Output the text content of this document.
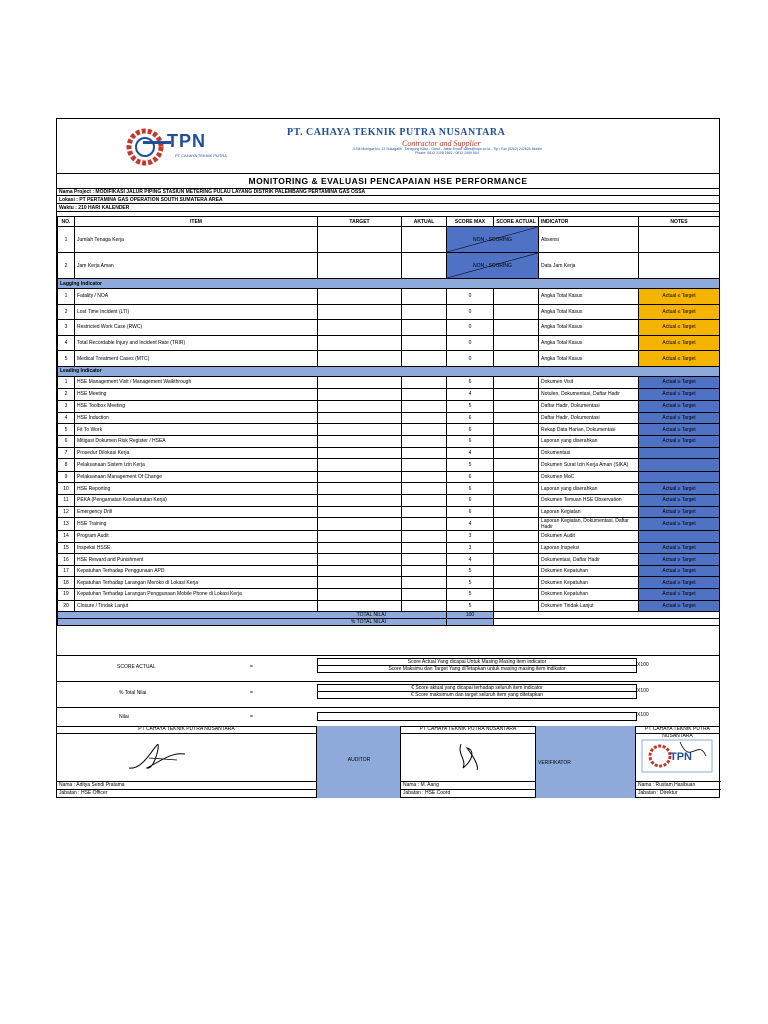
TPN
PT CAHAYA TEKNIK PUTRA
PT. CAHAYA TEKNIK PUTRA NUSANTARA
Contractor and Supplier
Jl.Siti Munigar No. 12 Sukagalih - Tarogong Kidul - Garut - Jabar Email: sales@ctpn.co.id - Tlp / Fax (0262) 242624 Mobile Phone: 0812 2108 2662 / 0812 2469 604
MONITORING & EVALUASI PENCAPAIAN HSE PERFORMANCE
Nama Project : MODIFIKASI JALUR PIPING STASIUN METERING PULAU LAYANG DISTRIK PALEMBANG PERTAMINA GAS OSSA
Lokasi : PT PERTAMINA GAS OPERATION SOUTH SUMATERA AREA
Waktu : 210 HARI KALENDER
NO.	ITEM	TARGET	AKTUAL	SCORE MAX	SCORE ACTUAL	INDICATOR	NOTES
1	Jumlah Tenaga Kerja			NON - SCORING		Absensi	
2	Jam Kerja Aman			NON - SCORING		Data Jam Kerja	
Lagging Indicator							
1	Fatality / NOA			0		Angka Total Kasus	Actual ≤ Target
2	Lost Time Incident (LTI)			0		Angka Total Kasus	Actual ≤ Target
3	Restricted Work Case (RWC)			0		Angka Total Kasus	Actual ≤ Target
4	Total Recordable Injury and Incident Rate (TRIR)			0		Angka Total Kasus	Actual ≤ Target
5	Medical Treatment Cases (MTC)			0		Angka Total Kasus	Actual ≤ Target
Leading Indicator							
1	HSE Management Visit / Management Walkthrough			6		Dokumen Visit	Actual ≥ Target
2	HSE Meeting			4		Notulen, Dokumentasi, Daftar Hadir	Actual ≥ Target
3	HSE Toolbox Meeting			5		Daftar Hadir, Dokumentasi	Actual ≥ Target
4	HSE Induction			6		Daftar Hadir, Dokumentasi	Actual ≥ Target
5	Fit To Work			6		Rekap Data Harian, Dokumentasi	Actual ≥ Target
6	Mitigasi Dokumen Risk Register / HSEA			6		Laporan yang diserahkan	Actual ≥ Target
7	Prosedur Dilokasi Kerja			4		Dokumentasi	
8	Pelaksanaan Sistem Izin Kerja			5		Dokumen Surat Izin Kerja Aman (SIKA)	
9	Pelaksanaan Management Of Change			6		Dokumen MoC	
10	HSE Reporting			6		Laporan yang diserahkan	Actual ≥ Target
11	PEKA (Pengamatan Keselamatan Kerja)			6		Dokumen Temuan HSE Observation	Actual ≥ Target
12	Emergency Drill			6		Laporan Kegiatan	Actual ≥ Target
13	HSE Training			4		Laporan Kegiatan, Dokumentasi, Daftar Hadir	Actual ≥ Target
14	Program Audit			3		Dokumen Audit	
15	Inspeksi HSSE			3		Laporan Inspeksi	Actual ≥ Target
16	HSE Reward and Punishment			4		Dokumentasi, Daftar Hadir	Actual ≥ Target
17	Kepatuhan Terhadap Penggunaan APD			5		Dokumen Kepatuhan	Actual ≥ Target
18	Kepatuhan Terhadap Larangan Meroko di Lokasi Kerja			5		Dokumen Kepatuhan	Actual ≥ Target
19	Kepatuhan Terhadap Larangan Penggunaan Mobile Phone di Lokasi Kerja			5		Dokumen Kepatuhan	Actual ≥ Target
20	Closure / Tindak Lanjut			5		Dokumen Tindak Lanjut	Actual ≥ Target
TOTAL NILAI				100			
% TOTAL NILAI							
SCORE ACTUAL	=
Score Actual Yang dicapai Untuk Masing Masing item indicator
Score Maksimu dan Target Yang diTetapkan untuk masing masing item indikator
X100
% Total Nilai	=
€ Score aktual yang dicapai terhadap seluruh item indicator
€ Score maksimum dan target seluruh item yang ditetapkan
X100
Nilai	=	X100
PT CAHAYA TEKNIK PUTRA NUSANTARA
Nama : Aditya Sendi Pratama
Jabatan : HSE Officer
AUDITOR
PT CAHAYA TEKNIK PUTRA NUSANTARA
Nama : M. Aang
Jabatan : HSE Coord
VERIFIKATOR
PT CAHAYA TEKNIK PUTRA NUSANTARA
TPN
Nama : Rustam Hasibuan
Jabatan : Direktur
